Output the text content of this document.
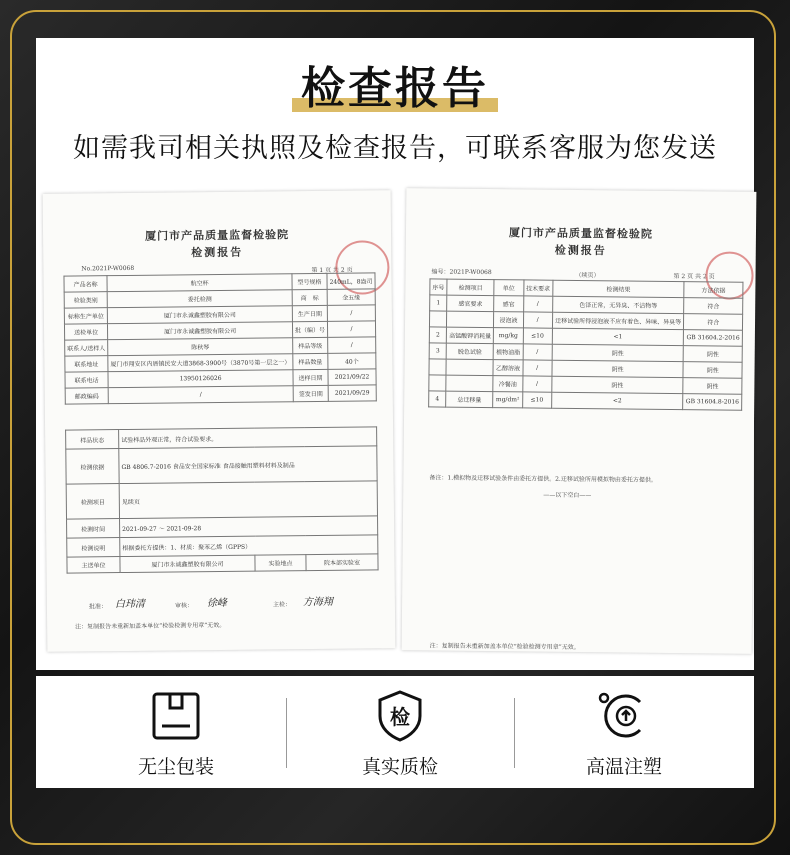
检查报告
如需我司相关执照及检查报告，可联系客服为您发送
厦门市产品质量监督检验院
检测报告
No.2021P-W0068	第 1 页 共 2 页
产品名称	航空杯	型号规格	240mL，8盎司
检验类别	委托检测	商　标	金五缘
标称生产单位	厦门市永诚鑫塑胶有限公司	生产日期	/
送检单位	厦门市永诚鑫塑胶有限公司	批（编）号	/
联系人/送样人	陈秋琴	样品等级	/
联系地址	厦门市翔安区内厝镇民安大道3868-3900号（3870号第一层之一）	样品数量	40个
联系电话	13950126026	送样日期	2021/09/22
邮政编码	/	签发日期	2021/09/29
样品状态	试验样品外观正常，符合试验要求。		
检测依据	GB 4806.7-2016 食品安全国家标准 食品接触用塑料材料及制品		
检测项目	见续页		
检测时间	2021-09-27 ～ 2021-09-28		
检测说明	根据委托方提供：1、材质：聚苯乙烯（GPPS）		
主送单位	厦门市永诚鑫塑胶有限公司	实验地点	院本部实验室
批准： 白玮清	审核： 徐峰	主检： 方海翔
注：复制报告未重新加盖本单位“检验检测专用章”无效。
厦门市产品质量监督检验院
检测报告
编号：2021P-W0068	（续页）	第 2 页 共 2 页
序号	检测项目	单位	技术要求	检测结果	方法依据
1	感官要求	感官	/	色泽正常，无异臭、不洁物等	符合
		浸泡液	/	迁移试验所得浸泡液不应有着色、异味、异臭等	符合
2	高锰酸钾消耗量	mg/kg	≤10	<1	GB 31604.2-2016
3	脱色试验	植物油脂	/	阴性	阴性
		乙醇溶液	/	阴性	阴性
		冷餐油	/	阴性	阴性
4	总迁移量	mg/dm²	≤10	<2	GB 31604.8-2016
备注：1.模拟物及迁移试验条件由委托方提供。2.迁移试验所用模拟物由委托方提供。
——以下空白——
注：复制报告未重新加盖本单位“检验检测专用章”无效。
无尘包装
检
真实质检	高温注塑
